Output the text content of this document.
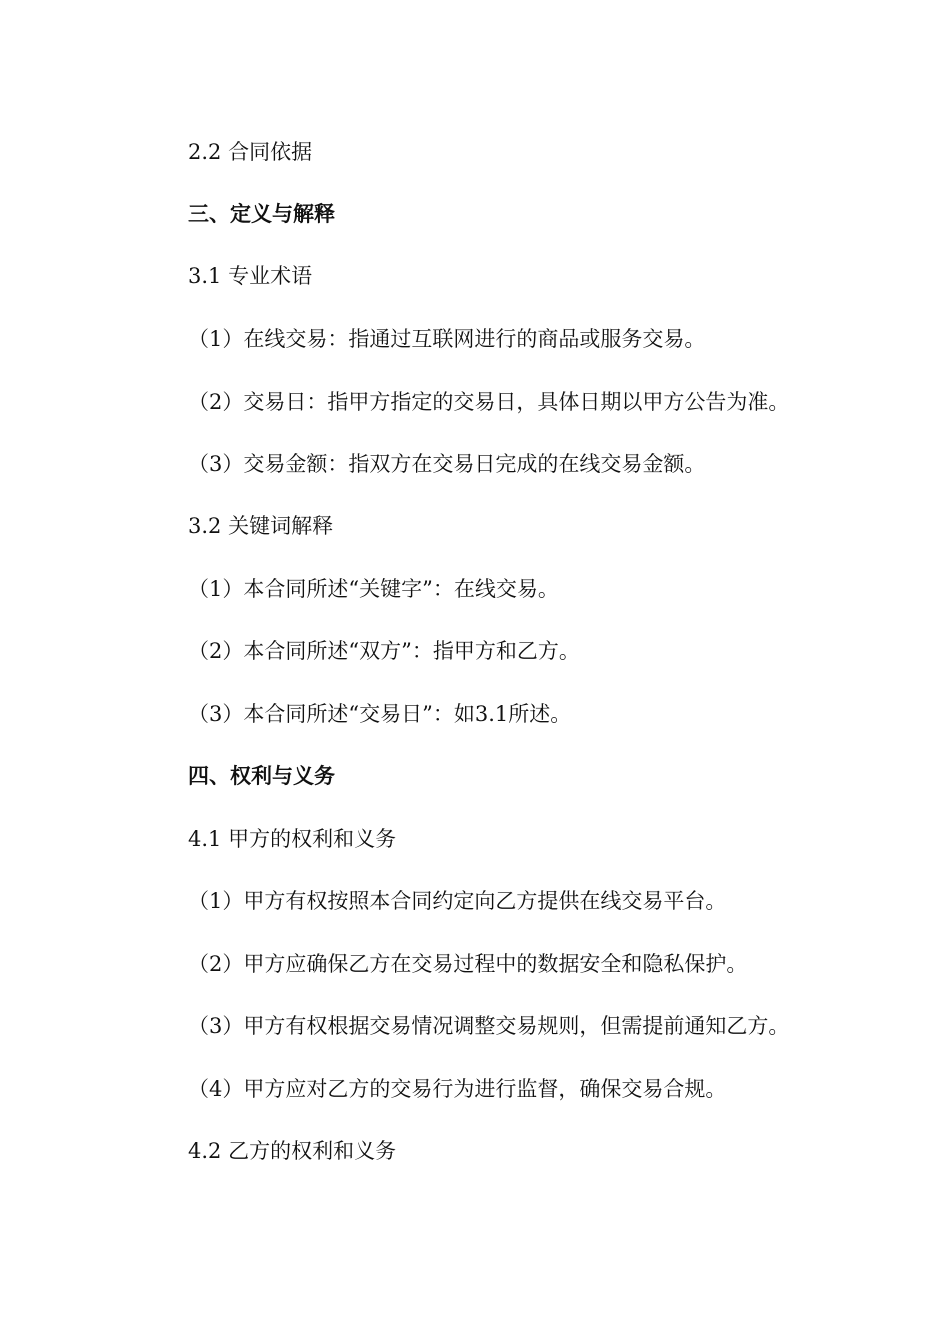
2.2 合同依据
三、定义与解释
3.1 专业术语
（1）在线交易：指通过互联网进行的商品或服务交易。
（2）交易日：指甲方指定的交易日，具体日期以甲方公告为准。
（3）交易金额：指双方在交易日完成的在线交易金额。
3.2 关键词解释
（1）本合同所述“关键字”：在线交易。
（2）本合同所述“双方”：指甲方和乙方。
（3）本合同所述“交易日”：如3.1所述。
四、权利与义务
4.1 甲方的权利和义务
（1）甲方有权按照本合同约定向乙方提供在线交易平台。
（2）甲方应确保乙方在交易过程中的数据安全和隐私保护。
（3）甲方有权根据交易情况调整交易规则，但需提前通知乙方。
（4）甲方应对乙方的交易行为进行监督，确保交易合规。
4.2 乙方的权利和义务
